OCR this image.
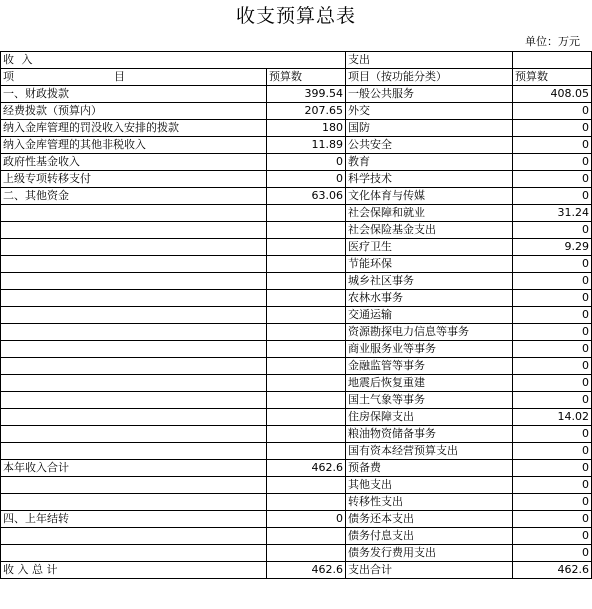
收支预算总表
单位：万元
收 入		支出	
项 目	预算数	项目（按功能分类）	预算数
一、财政拨款	399.54	一般公共服务	408.05
经费拨款（预算内）	207.65	外交	0
纳入金库管理的罚没收入安排的拨款	180	国防	0
纳入金库管理的其他非税收入	11.89	公共安全	0
政府性基金收入	0	教育	0
上级专项转移支付	0	科学技术	0
二、其他资金	63.06	文化体育与传媒	0
		社会保障和就业	31.24
		社会保险基金支出	0
		医疗卫生	9.29
		节能环保	0
		城乡社区事务	0
		农林水事务	0
		交通运输	0
		资源勘探电力信息等事务	0
		商业服务业等事务	0
		金融监管等事务	0
		地震后恢复重建	0
		国土气象等事务	0
		住房保障支出	14.02
		粮油物资储备事务	0
		国有资本经营预算支出	0
本年收入合计	462.6	预备费	0
		其他支出	0
		转移性支出	0
四、上年结转	0	债务还本支出	0
		债务付息支出	0
		债务发行费用支出	0
收 入 总 计	462.6	支出合计	462.6
